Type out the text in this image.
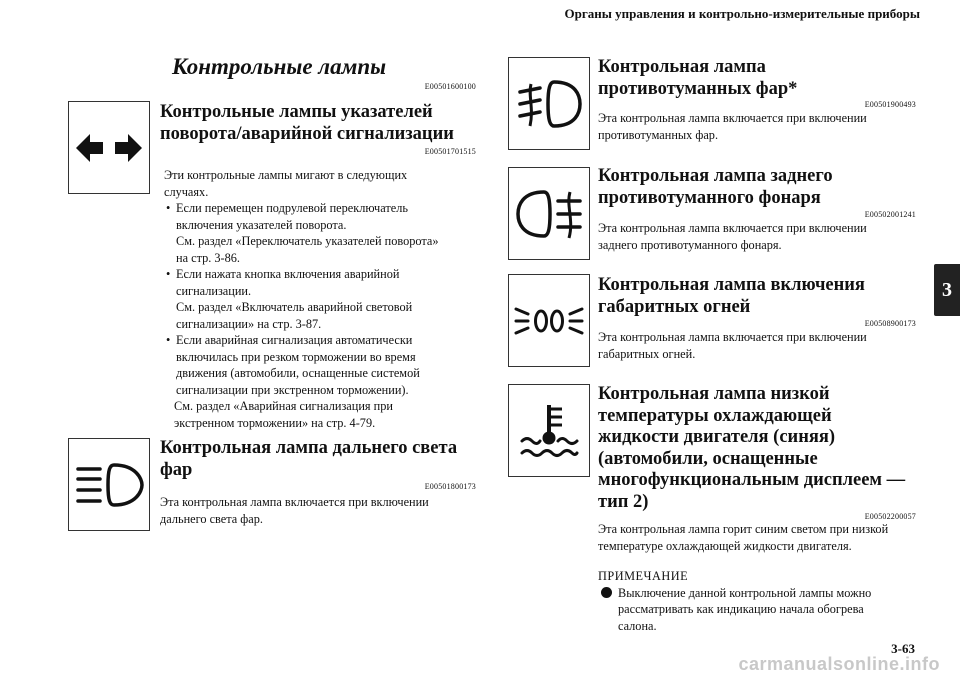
Органы управления и контрольно-измерительные приборы
3
3-63
Контрольные лампы
E00501600100
Контрольные лампы указателей
поворота/аварийной сигнализации
E00501701515
Эти контрольные лампы мигают в следующих
случаях.
• Если перемещен подрулевой переключатель
включения указателей поворота.
См. раздел «Переключатель указателей поворота»
на стр. 3-86.
• Если нажата кнопка включения аварийной
сигнализации.
См. раздел «Включатель аварийной световой
сигнализации» на стр. 3-87.
• Если аварийная сигнализация автоматически
включилась при резком торможении во время
движения (автомобили, оснащенные системой
сигнализации при экстренном торможении).
См. раздел «Аварийная сигнализация при
экстренном торможении» на стр. 4-79.
Контрольная лампа дальнего света
фар
E00501800173
Эта контрольная лампа включается при включении
дальнего света фар.
Контрольная лампа
противотуманных фар*
E00501900493
Эта контрольная лампа включается при включении
противотуманных фар.
Контрольная лампа заднего
противотуманного фонаря
E00502001241
Эта контрольная лампа включается при включении
заднего противотуманного фонаря.
Контрольная лампа включения
габаритных огней
E00508900173
Эта контрольная лампа включается при включении
габаритных огней.
Контрольная лампа низкой
температуры охлаждающей
жидкости двигателя (синяя)
(автомобили, оснащенные
многофункциональным дисплеем —
тип 2)
E00502200057
Эта контрольная лампа горит синим светом при низкой
температуре охлаждающей жидкости двигателя.
ПРИМЕЧАНИЕ
Выключение данной контрольной лампы можно
рассматривать как индикацию начала обогрева
салона.
carmanualsonline.info
